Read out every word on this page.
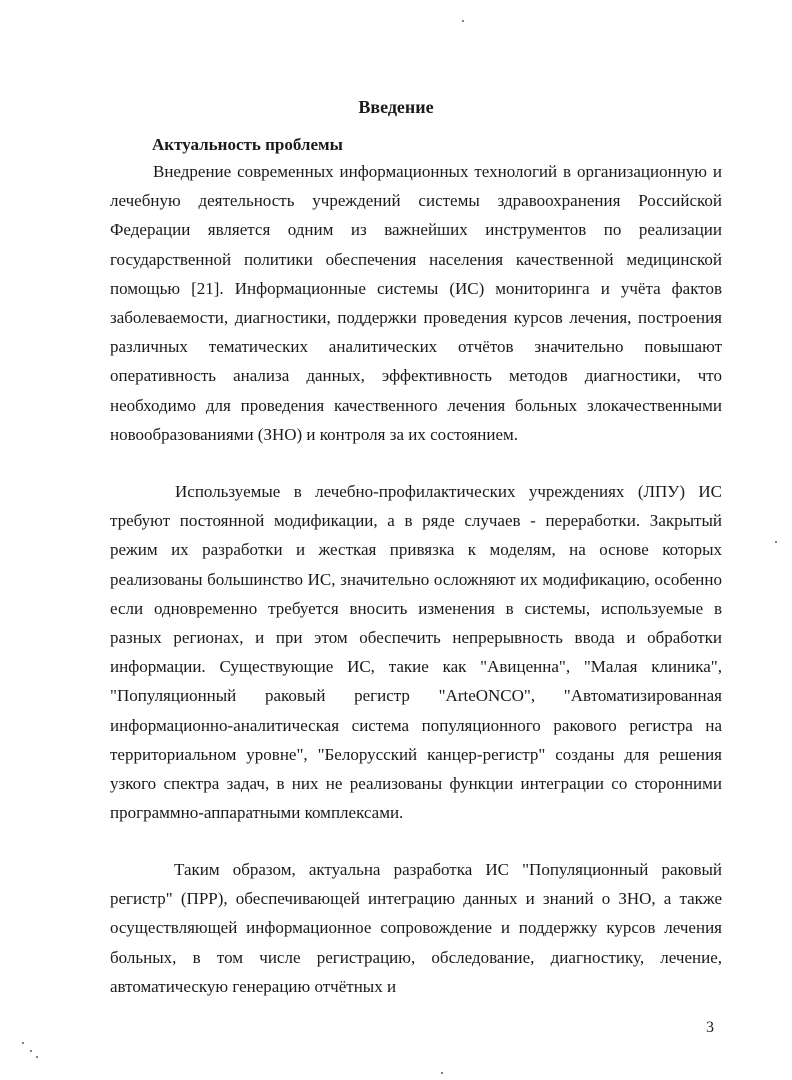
Введение
Актуальность проблемы

Внедрение современных информационных технологий в организационную и лечебную деятельность учреждений системы здравоохранения Российской Федерации является одним из важнейших инструментов по реализации государственной политики обеспечения населения качественной медицинской помощью [21]. Информационные системы (ИС) мониторинга и учёта фактов заболеваемости, диагностики, поддержки проведения курсов лечения, построения различных тематических аналитических отчётов значительно повышают оперативность анализа данных, эффективность методов диагностики, что необходимо для проведения качественного лечения больных злокачественными новообразованиями (ЗНО) и контроля за их состоянием.

Используемые в лечебно-профилактических учреждениях (ЛПУ) ИС требуют постоянной модификации, а в ряде случаев - переработки. Закрытый режим их разработки и жесткая привязка к моделям, на основе которых реализованы большинство ИС, значительно осложняют их модификацию, особенно если одновременно требуется вносить изменения в системы, используемые в разных регионах, и при этом обеспечить непрерывность ввода и обработки информации. Существующие ИС, такие как "Авиценна", "Малая клиника", "Популяционный раковый регистр "ArteONCO", "Автоматизированная информационно-аналитическая система популяционного ракового регистра на территориальном уровне", "Белорусский канцер-регистр" созданы для решения узкого спектра задач, в них не реализованы функции интеграции со сторонними программно-аппаратными комплексами.

Таким образом, актуальна разработка ИС "Популяционный раковый регистр" (ПРР), обеспечивающей интеграцию данных и знаний о ЗНО, а также осуществляющей информационное сопровождение и поддержку курсов лечения больных, в том числе регистрацию, обследование, диагностику, лечение, автоматическую генерацию отчётных и

3
